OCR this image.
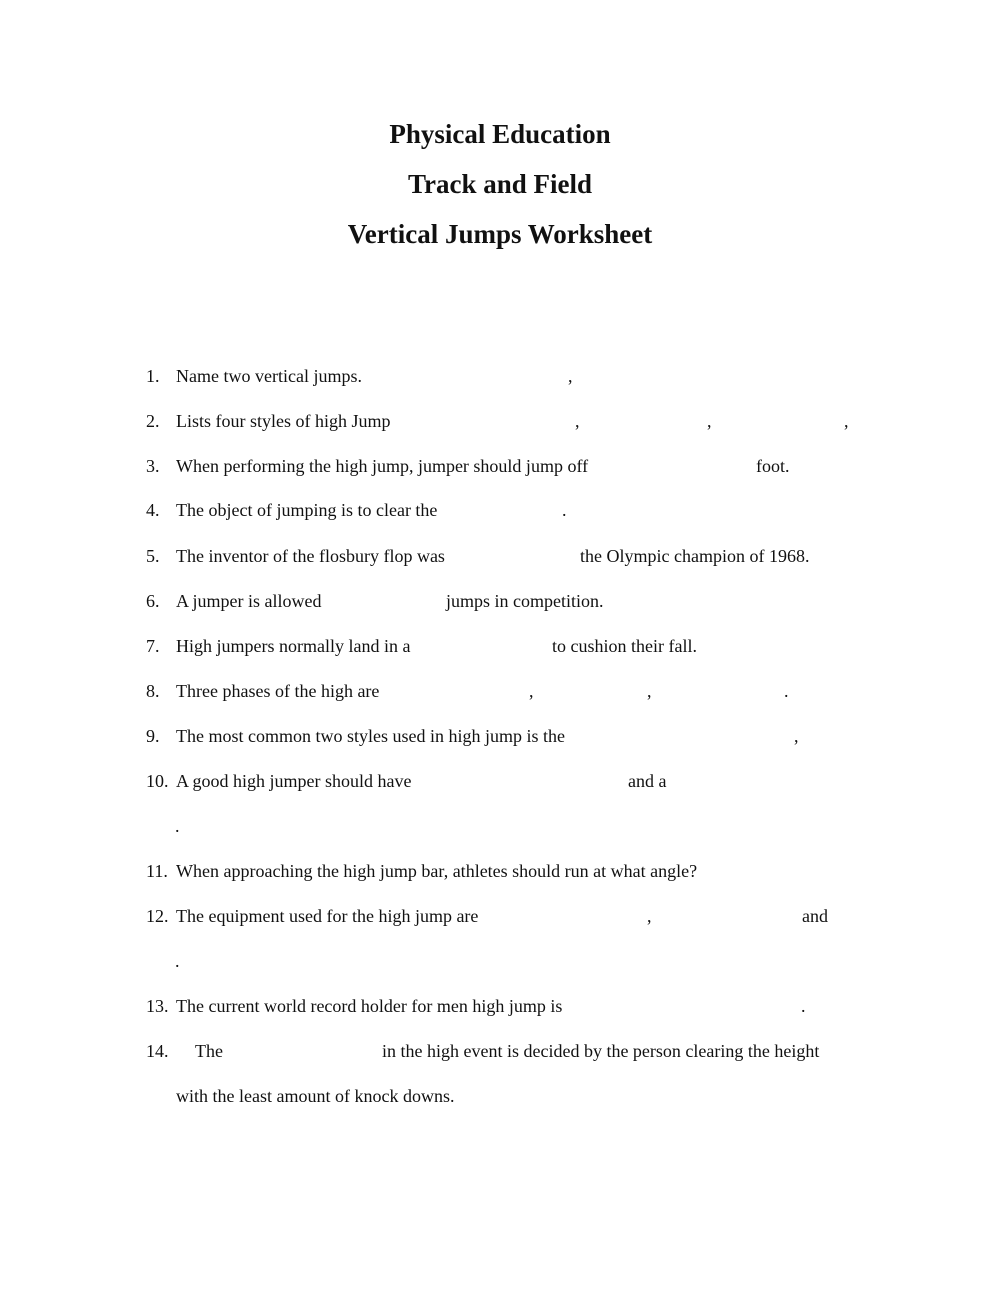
Physical Education
Track and Field
Vertical Jumps Worksheet
1. Name two vertical jumps.	,
2. Lists four styles of high Jump	,	,	,
3. When performing the high jump, jumper should jump off	foot.
4. The object of jumping is to clear the	.
5. The inventor of the flosbury flop was	the Olympic champion of 1968.
6. A jumper is allowed	jumps in competition.
7. High jumpers normally land in a	to cushion their fall.
8. Three phases of the high are	,	,	.
9. The most common two styles used in high jump is the	,
10. A good high jumper should have	and a
.
11. When approaching the high jump bar, athletes should run at what angle?
12. The equipment used for the high jump are	,	and
.
13. The current world record holder for men high jump is	.
14. The	in the high event is decided by the person clearing the height
with the least amount of knock downs.
